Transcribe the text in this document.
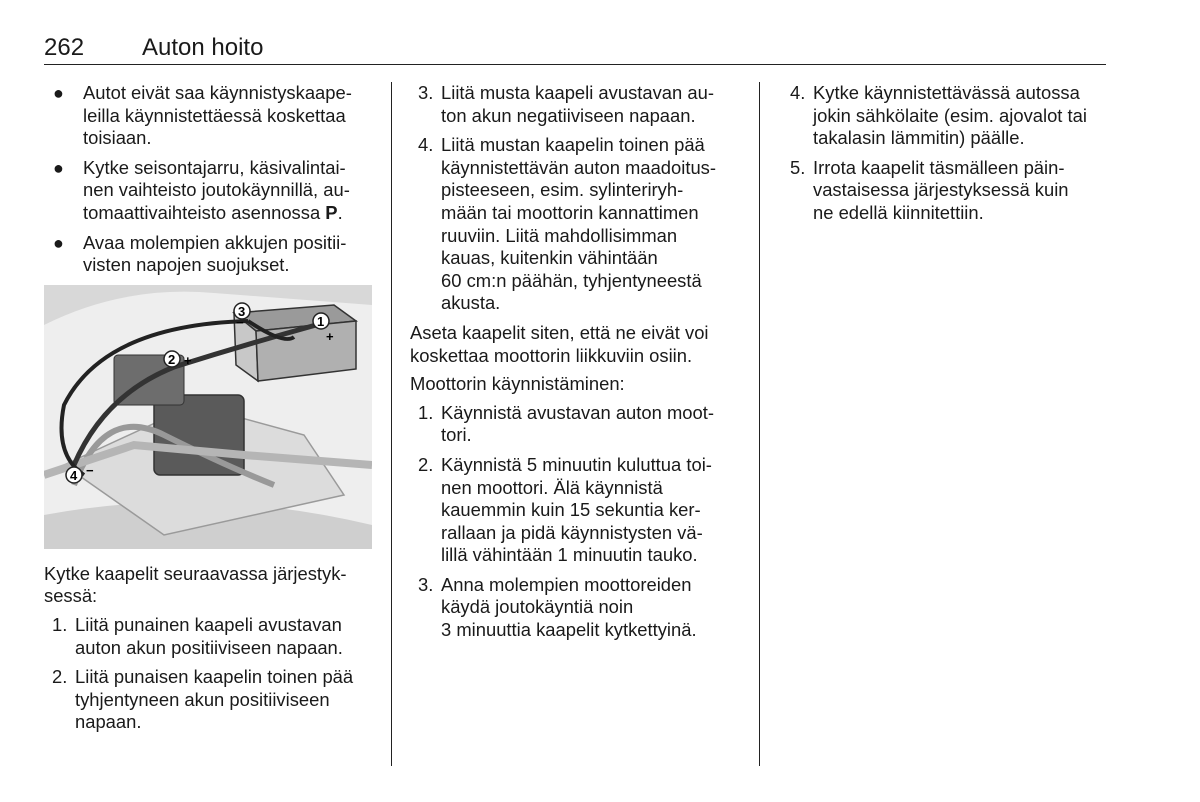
262 Auton hoito
● Autot eivät saa käynnistyskaape-
leilla käynnistettäessä koskettaa
toisiaan.
● Kytke seisontajarru, käsivalintai-
nen vaihteisto joutokäynnillä, au-
tomaattivaihteisto asennossa P.
● Avaa molempien akkujen positii-
visten napojen suojukset.
1
+
2 +
3
−
4 −
Kytke kaapelit seuraavassa järjestyk-
sessä:
1. Liitä punainen kaapeli avustavan
auton akun positiiviseen napaan.
2. Liitä punaisen kaapelin toinen pää
tyhjentyneen akun positiiviseen
napaan.
3. Liitä musta kaapeli avustavan au-
ton akun negatiiviseen napaan.
4. Liitä mustan kaapelin toinen pää
käynnistettävän auton maadoitus-
pisteeseen, esim. sylinteriryh-
mään tai moottorin kannattimen
ruuviin. Liitä mahdollisimman
kauas, kuitenkin vähintään
60 cm:n päähän, tyhjentyneestä
akusta.
Aseta kaapelit siten, että ne eivät voi
koskettaa moottorin liikkuviin osiin.
Moottorin käynnistäminen:
1. Käynnistä avustavan auton moot-
tori.
2. Käynnistä 5 minuutin kuluttua toi-
nen moottori. Älä käynnistä
kauemmin kuin 15 sekuntia ker-
rallaan ja pidä käynnistysten vä-
lillä vähintään 1 minuutin tauko.
3. Anna molempien moottoreiden
käydä joutokäyntiä noin
3 minuuttia kaapelit kytkettyinä.
4. Kytke käynnistettävässä autossa
jokin sähkölaite (esim. ajovalot tai
takalasin lämmitin) päälle.
5. Irrota kaapelit täsmälleen päin-
vastaisessa järjestyksessä kuin
ne edellä kiinnitettiin.
